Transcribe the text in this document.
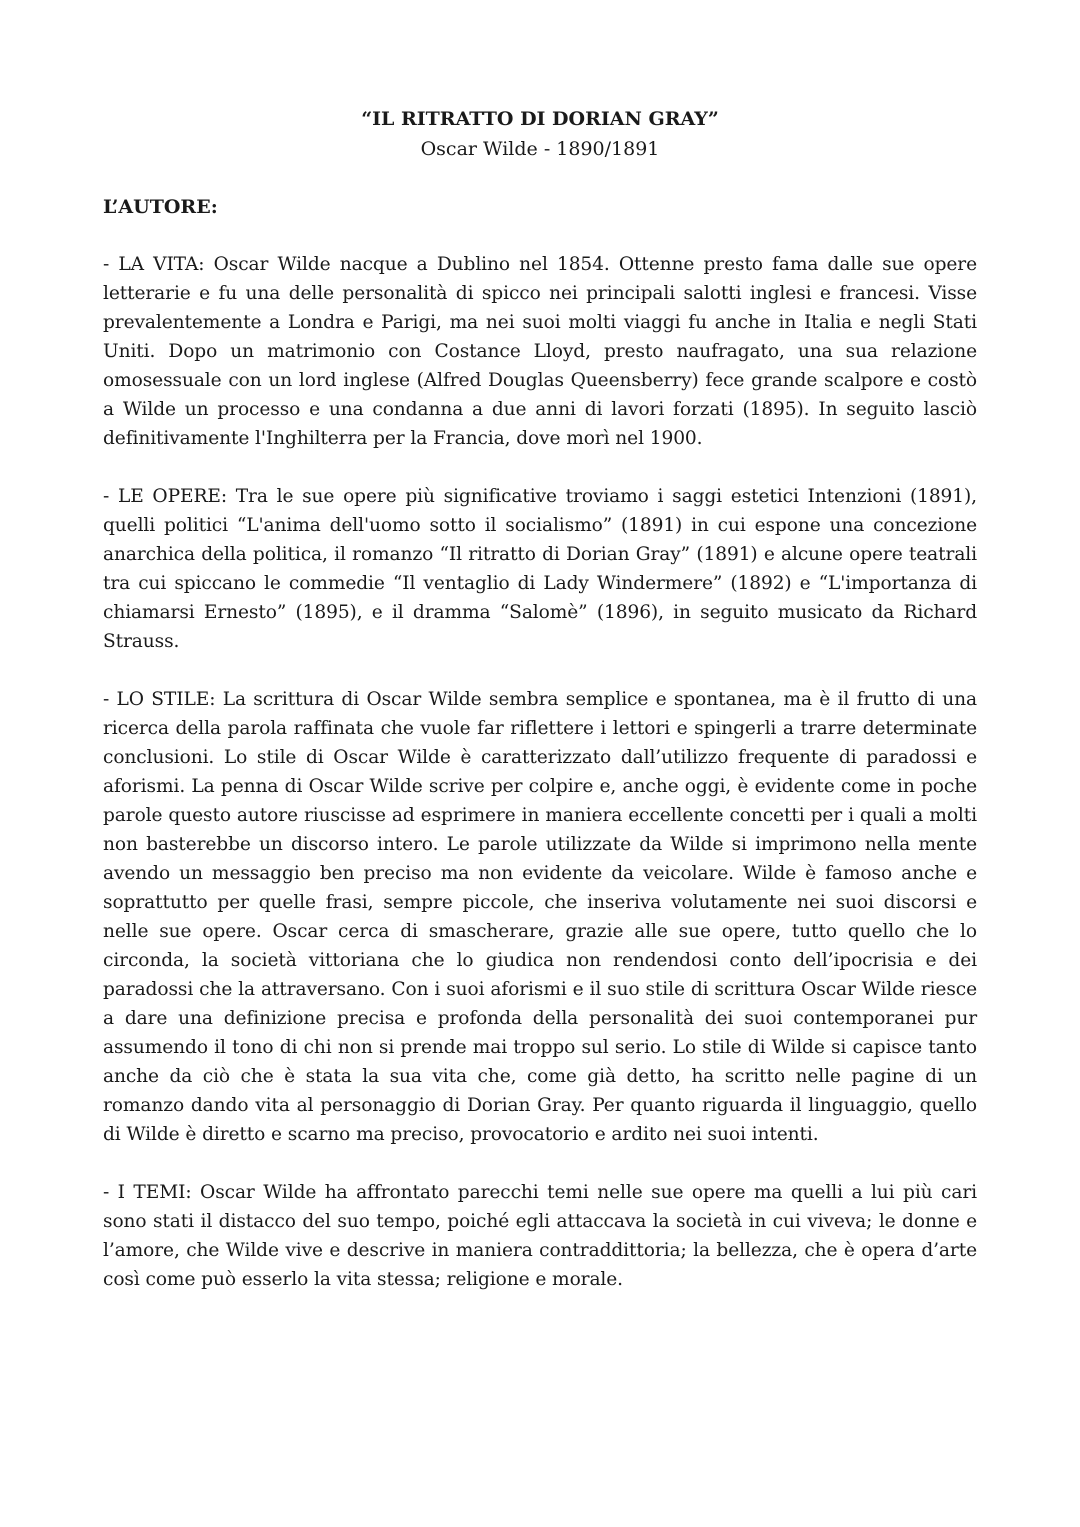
“IL RITRATTO DI DORIAN GRAY”

Oscar Wilde - 1890/1891

L’AUTORE:

- LA VITA: Oscar Wilde nacque a Dublino nel 1854. Ottenne presto fama dalle sue opere letterarie e fu una delle personalità di spicco nei principali salotti inglesi e francesi. Visse prevalentemente a Londra e Parigi, ma nei suoi molti viaggi fu anche in Italia e negli Stati Uniti. Dopo un matrimonio con Costance Lloyd, presto naufragato, una sua relazione omosessuale con un lord inglese (Alfred Douglas Queensberry) fece grande scalpore e costò a Wilde un processo e una condanna a due anni di lavori forzati (1895). In seguito lasciò definitivamente l'Inghilterra per la Francia, dove morì nel 1900.

- LE OPERE: Tra le sue opere più significative troviamo i saggi estetici Intenzioni (1891), quelli politici “L'anima dell'uomo sotto il socialismo” (1891) in cui espone una concezione anarchica della politica, il romanzo “Il ritratto di Dorian Gray” (1891) e alcune opere teatrali tra cui spiccano le commedie “Il ventaglio di Lady Windermere” (1892) e “L'importanza di chiamarsi Ernesto” (1895), e il dramma “Salomè” (1896), in seguito musicato da Richard Strauss.

- LO STILE: La scrittura di Oscar Wilde sembra semplice e spontanea, ma è il frutto di una ricerca della parola raffinata che vuole far riflettere i lettori e spingerli a trarre determinate conclusioni. Lo stile di Oscar Wilde è caratterizzato dall’utilizzo frequente di paradossi e aforismi. La penna di Oscar Wilde scrive per colpire e, anche oggi, è evidente come in poche parole questo autore riuscisse ad esprimere in maniera eccellente concetti per i quali a molti non basterebbe un discorso intero. Le parole utilizzate da Wilde si imprimono nella mente avendo un messaggio ben preciso ma non evidente da veicolare. Wilde è famoso anche e soprattutto per quelle frasi, sempre piccole, che inseriva volutamente nei suoi discorsi e nelle sue opere. Oscar cerca di smascherare, grazie alle sue opere, tutto quello che lo circonda, la società vittoriana che lo giudica non rendendosi conto dell’ipocrisia e dei paradossi che la attraversano. Con i suoi aforismi e il suo stile di scrittura Oscar Wilde riesce a dare una definizione precisa e profonda della personalità dei suoi contemporanei pur assumendo il tono di chi non si prende mai troppo sul serio. Lo stile di Wilde si capisce tanto anche da ciò che è stata la sua vita che, come già detto, ha scritto nelle pagine di un romanzo dando vita al personaggio di Dorian Gray. Per quanto riguarda il linguaggio, quello di Wilde è diretto e scarno ma preciso, provocatorio e ardito nei suoi intenti.

- I TEMI: Oscar Wilde ha affrontato parecchi temi nelle sue opere ma quelli a lui più cari sono stati il distacco del suo tempo, poiché egli attaccava la società in cui viveva; le donne e l’amore, che Wilde vive e descrive in maniera contraddittoria; la bellezza, che è opera d’arte così come può esserlo la vita stessa; religione e morale.
